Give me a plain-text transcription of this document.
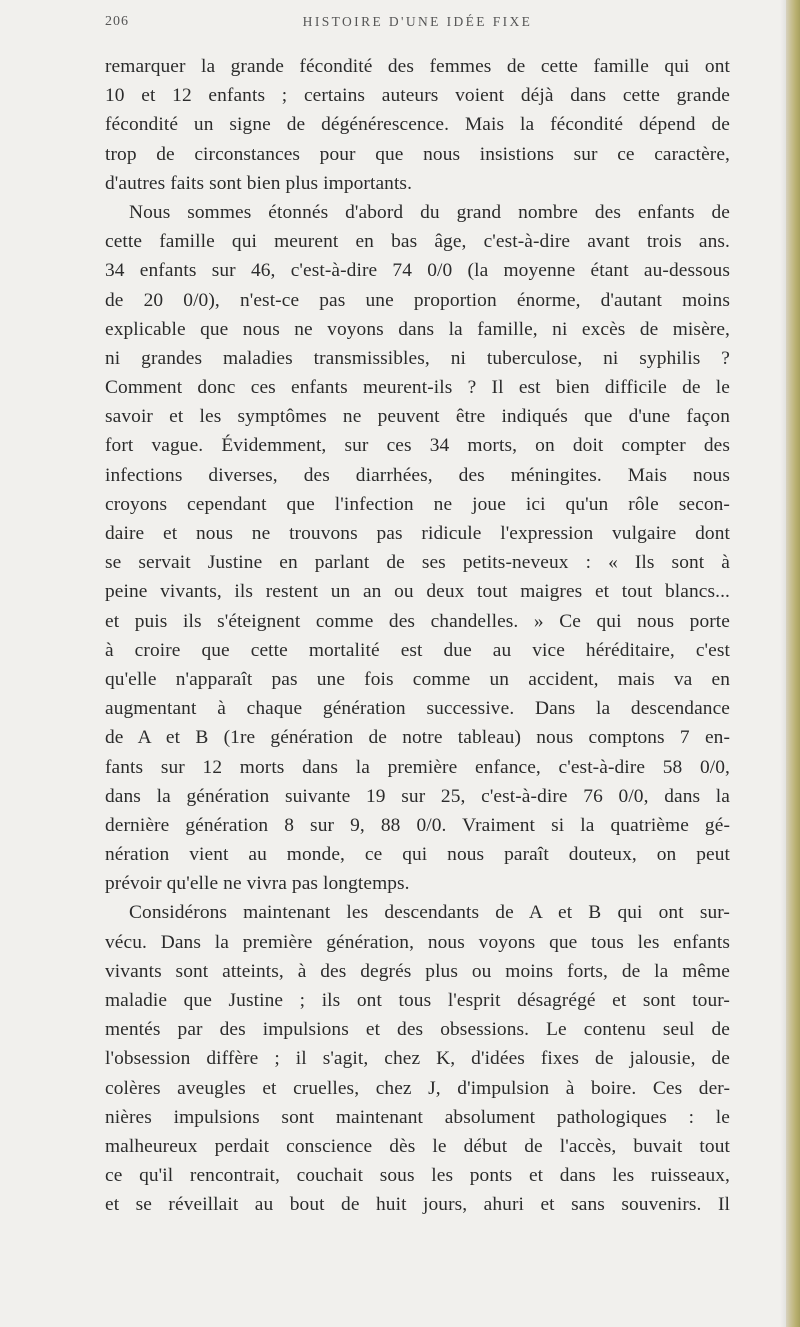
206	HISTOIRE D'UNE IDÉE FIXE
remarquer la grande fécondité des femmes de cette famille qui ont
10 et 12 enfants ; certains auteurs voient déjà dans cette grande
fécondité un signe de dégénérescence. Mais la fécondité dépend de
trop de circonstances pour que nous insistions sur ce caractère,
d'autres faits sont bien plus importants.
Nous sommes étonnés d'abord du grand nombre des enfants de
cette famille qui meurent en bas âge, c'est-à-dire avant trois ans.
34 enfants sur 46, c'est-à-dire 74 0/0 (la moyenne étant au-dessous
de 20 0/0), n'est-ce pas une proportion énorme, d'autant moins
explicable que nous ne voyons dans la famille, ni excès de misère,
ni grandes maladies transmissibles, ni tuberculose, ni syphilis ?
Comment donc ces enfants meurent-ils ? Il est bien difficile de le
savoir et les symptômes ne peuvent être indiqués que d'une façon
fort vague. Évidemment, sur ces 34 morts, on doit compter des
infections diverses, des diarrhées, des méningites. Mais nous
croyons cependant que l'infection ne joue ici qu'un rôle secon-
daire et nous ne trouvons pas ridicule l'expression vulgaire dont
se servait Justine en parlant de ses petits-neveux : « Ils sont à
peine vivants, ils restent un an ou deux tout maigres et tout blancs...
et puis ils s'éteignent comme des chandelles. » Ce qui nous porte
à croire que cette mortalité est due au vice héréditaire, c'est
qu'elle n'apparaît pas une fois comme un accident, mais va en
augmentant à chaque génération successive. Dans la descendance
de A et B (1re génération de notre tableau) nous comptons 7 en-
fants sur 12 morts dans la première enfance, c'est-à-dire 58 0/0,
dans la génération suivante 19 sur 25, c'est-à-dire 76 0/0, dans la
dernière génération 8 sur 9, 88 0/0. Vraiment si la quatrième gé-
nération vient au monde, ce qui nous paraît douteux, on peut
prévoir qu'elle ne vivra pas longtemps.
Considérons maintenant les descendants de A et B qui ont sur-
vécu. Dans la première génération, nous voyons que tous les enfants
vivants sont atteints, à des degrés plus ou moins forts, de la même
maladie que Justine ; ils ont tous l'esprit désagrégé et sont tour-
mentés par des impulsions et des obsessions. Le contenu seul de
l'obsession diffère ; il s'agit, chez K, d'idées fixes de jalousie, de
colères aveugles et cruelles, chez J, d'impulsion à boire. Ces der-
nières impulsions sont maintenant absolument pathologiques : le
malheureux perdait conscience dès le début de l'accès, buvait tout
ce qu'il rencontrait, couchait sous les ponts et dans les ruisseaux,
et se réveillait au bout de huit jours, ahuri et sans souvenirs. Il
